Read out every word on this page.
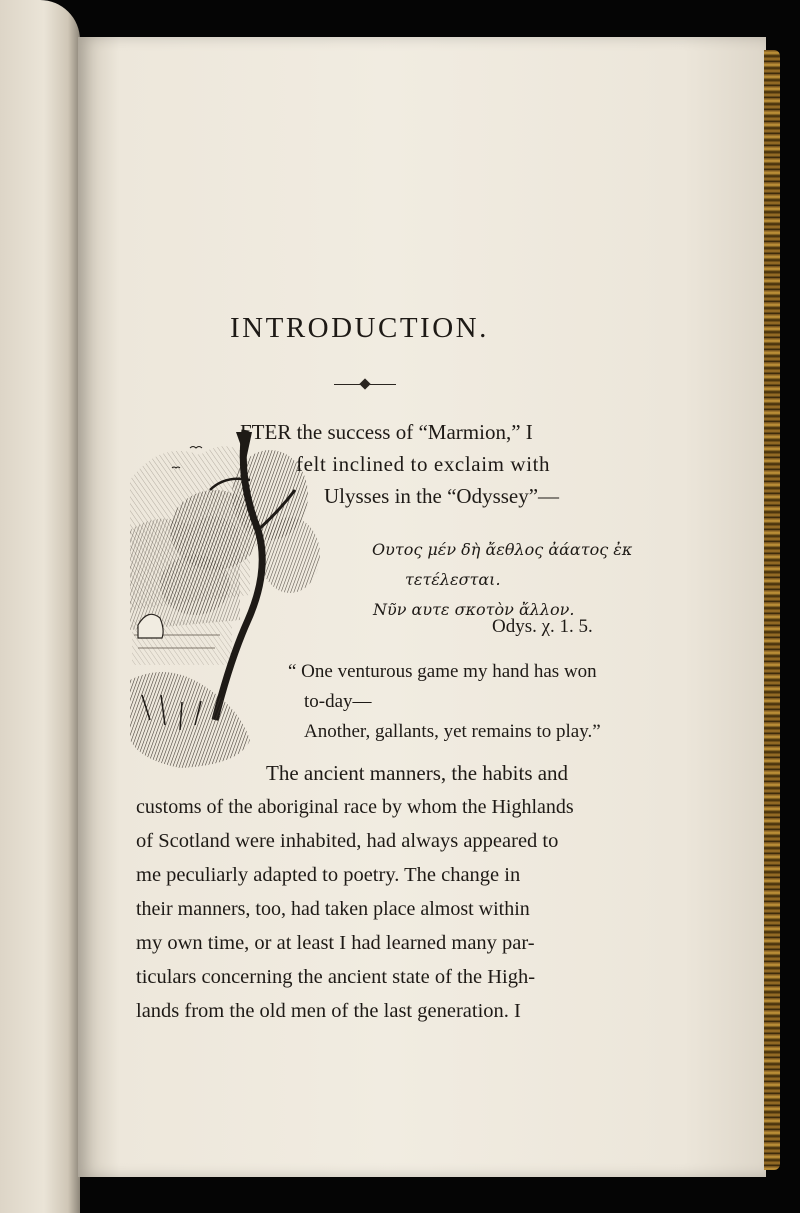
INTRODUCTION.
FTER the success of “Marmion,” I
felt inclined to exclaim with
Ulysses in the “Odyssey”—
Ουτος μέν δὴ ἄεθλος ἀάατος ἐκ
τετέλεσται.
Νῦν αυτε σκοτὸν ἄλλον.
Odys. χ. 1. 5.
“ One venturous game my hand has won
to-day—
Another, gallants, yet remains to play.”
The ancient manners, the habits and
customs of the aboriginal race by whom the Highlands
of Scotland were inhabited, had always appeared to
me peculiarly adapted to poetry. The change in
their manners, too, had taken place almost within
my own time, or at least I had learned many par-
ticulars concerning the ancient state of the High-
lands from the old men of the last generation. I
